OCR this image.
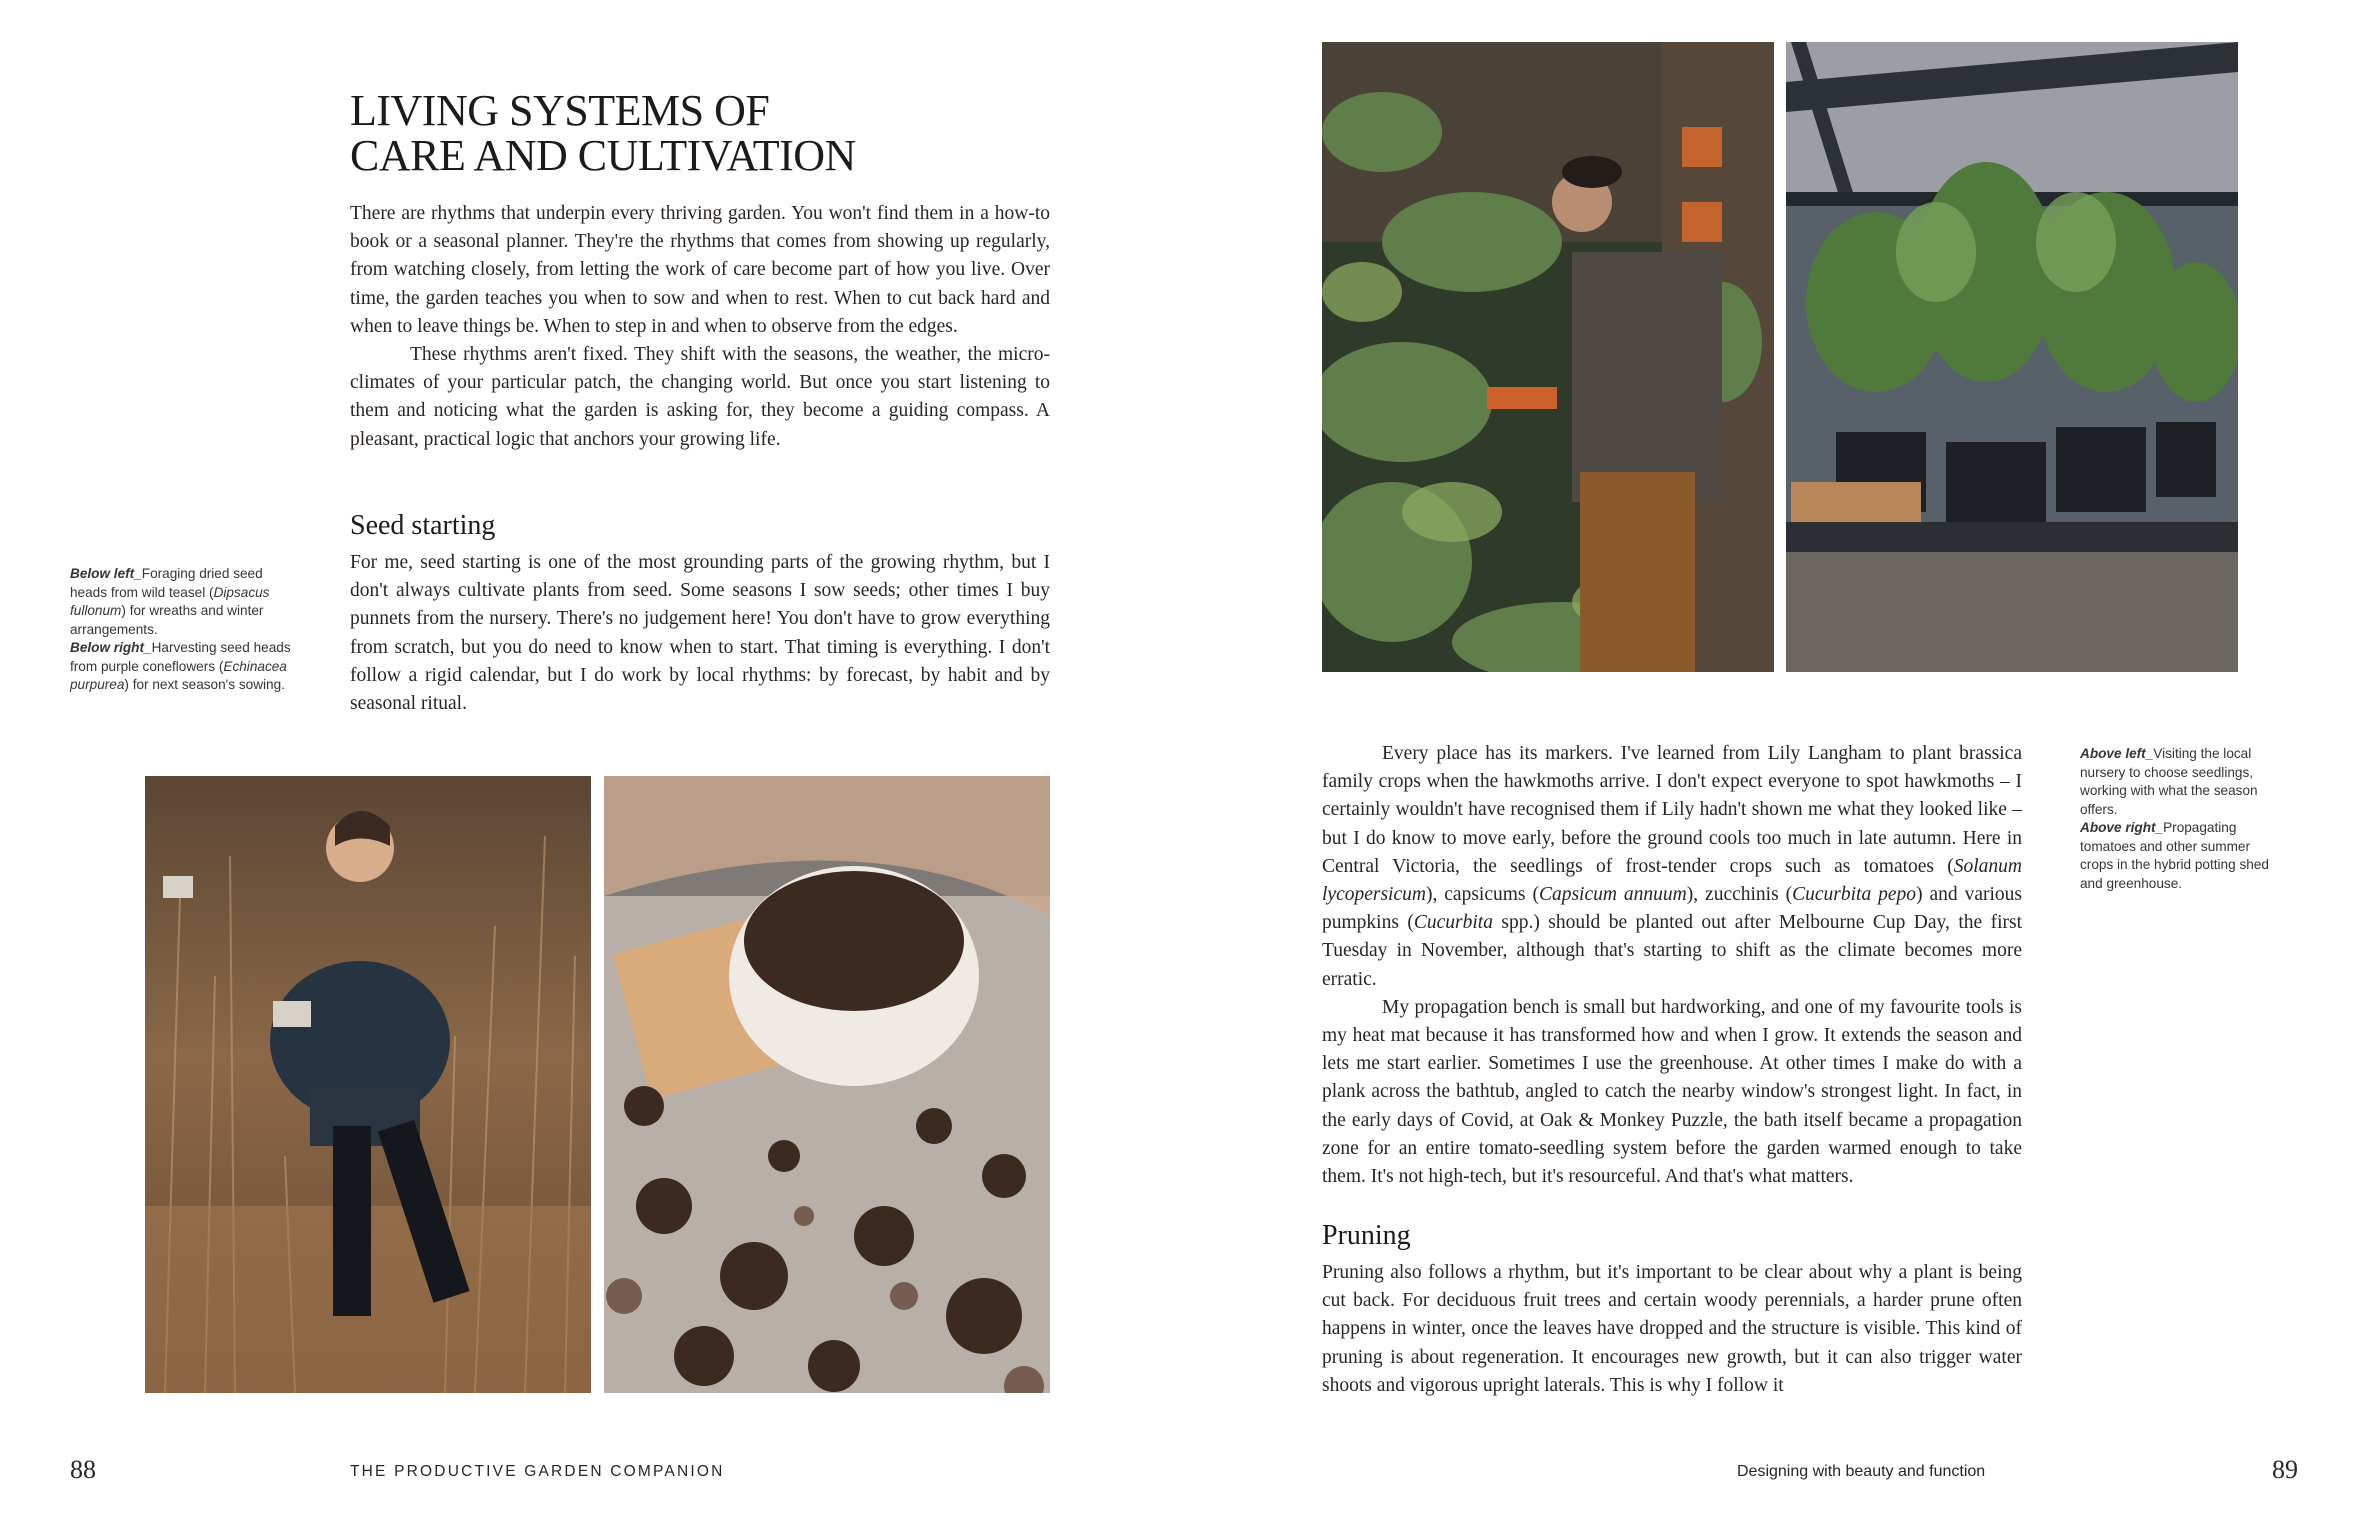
LIVING SYSTEMS OF
CARE AND CULTIVATION

There are rhythms that underpin every thriving garden. You won't find them in a how-to book or a seasonal planner. They're the rhythms that comes from showing up regularly, from watching closely, from letting the work of care become part of how you live. Over time, the garden teaches you when to sow and when to rest. When to cut back hard and when to leave things be. When to step in and when to observe from the edges.

These rhythms aren't fixed. They shift with the seasons, the weather, the micro-climates of your particular patch, the changing world. But once you start listening to them and noticing what the garden is asking for, they become a guiding compass. A pleasant, practical logic that anchors your growing life.

Seed starting

For me, seed starting is one of the most grounding parts of the growing rhythm, but I don't always cultivate plants from seed. Some seasons I sow seeds; other times I buy punnets from the nursery. There's no judgement here! You don't have to grow everything from scratch, but you do need to know when to start. That timing is everything. I don't follow a rigid calendar, but I do work by local rhythms: by forecast, by habit and by seasonal ritual.

Below left_Foraging dried seed heads from wild teasel (Dipsacus fullonum) for wreaths and winter arrangements.

Below right_Harvesting seed heads from purple coneflowers (Echinacea purpurea) for next season's sowing.

88	THE PRODUCTIVE GARDEN COMPANION

Every place has its markers. I've learned from Lily Langham to plant brassica family crops when the hawkmoths arrive. I don't expect everyone to spot hawkmoths – I certainly wouldn't have recognised them if Lily hadn't shown me what they looked like – but I do know to move early, before the ground cools too much in late autumn. Here in Central Victoria, the seedlings of frost-tender crops such as tomatoes (Solanum lycopersicum), capsicums (Capsicum annuum), zucchinis (Cucurbita pepo) and various pumpkins (Cucurbita spp.) should be planted out after Melbourne Cup Day, the first Tuesday in November, although that's starting to shift as the climate becomes more erratic.

My propagation bench is small but hardworking, and one of my favourite tools is my heat mat because it has transformed how and when I grow. It extends the season and lets me start earlier. Sometimes I use the greenhouse. At other times I make do with a plank across the bathtub, angled to catch the nearby window's strongest light. In fact, in the early days of Covid, at Oak & Monkey Puzzle, the bath itself became a propagation zone for an entire tomato-seedling system before the garden warmed enough to take them. It's not high-tech, but it's resourceful. And that's what matters.

Pruning

Pruning also follows a rhythm, but it's important to be clear about why a plant is being cut back. For deciduous fruit trees and certain woody perennials, a harder prune often happens in winter, once the leaves have dropped and the structure is visible. This kind of pruning is about regeneration. It encourages new growth, but it can also trigger water shoots and vigorous upright laterals. This is why I follow it

Above left_Visiting the local nursery to choose seedlings, working with what the season offers.

Above right_Propagating tomatoes and other summer crops in the hybrid potting shed and greenhouse.

Designing with beauty and function	89
